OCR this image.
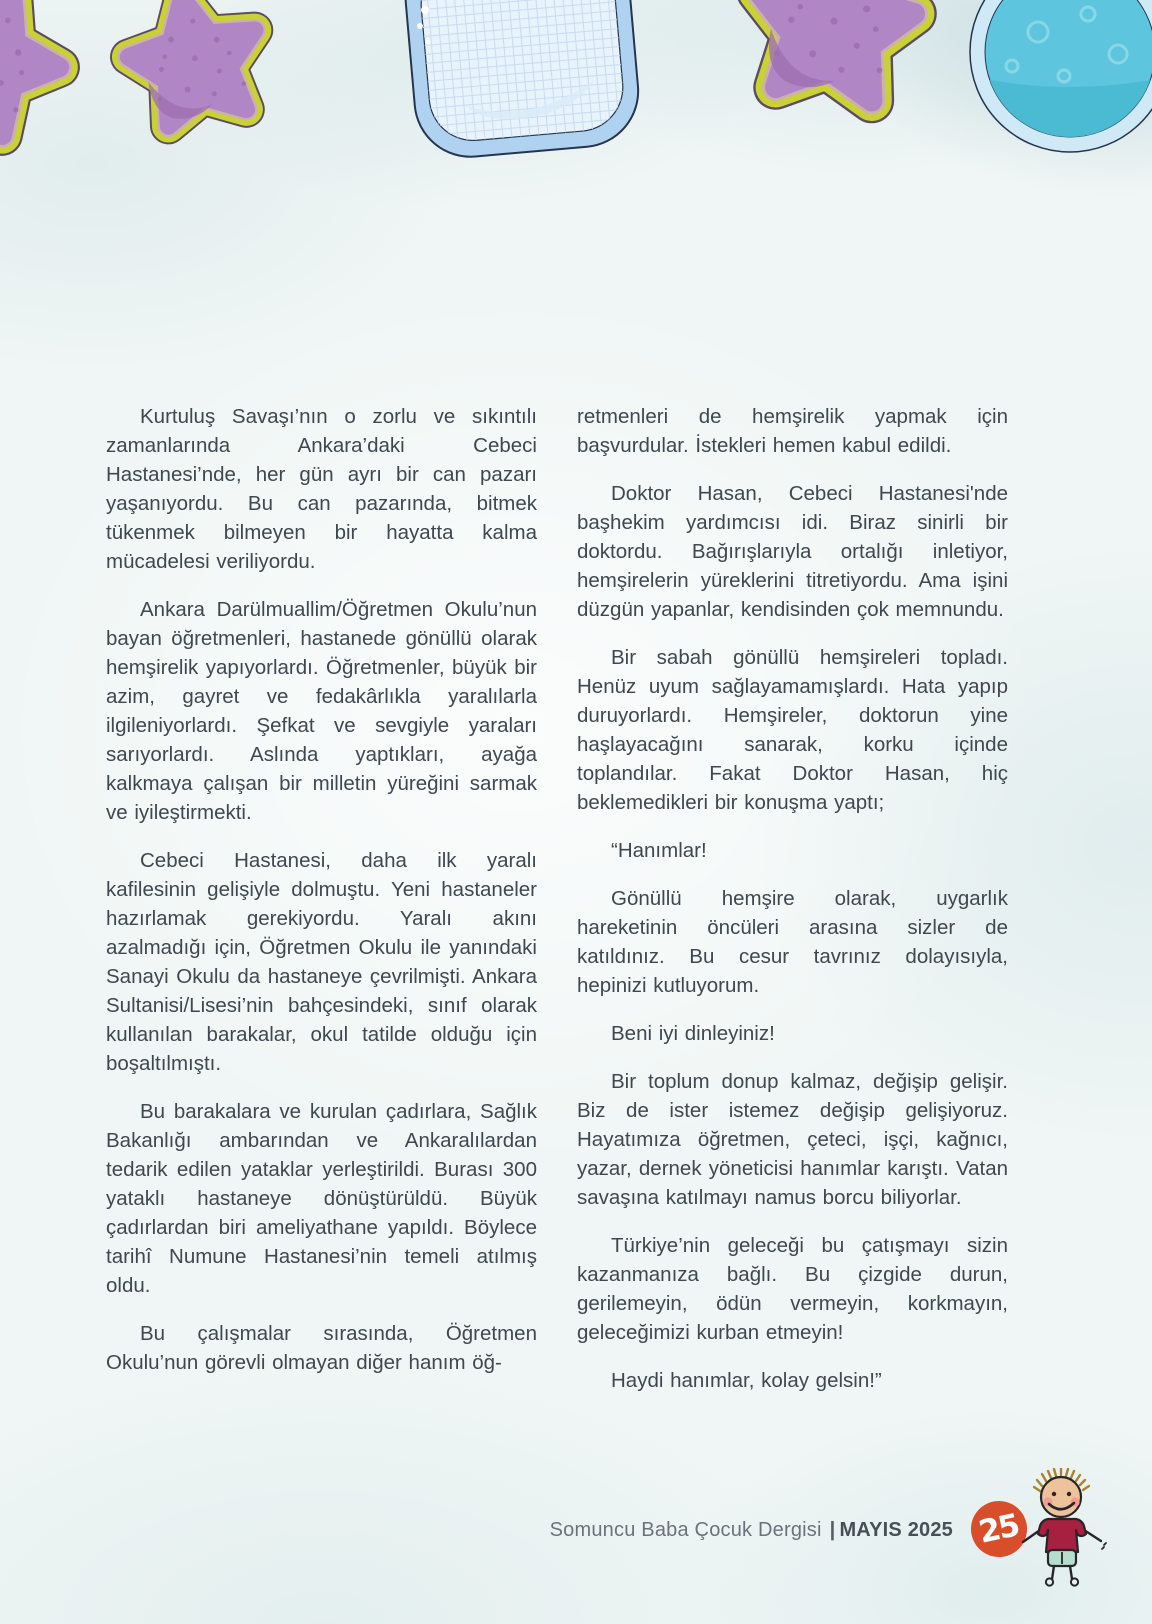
Kurtuluş Savaşı’nın o zorlu ve sıkıntılı zamanlarında Ankara’daki Cebeci Hastanesi’nde, her gün ayrı bir can pazarı yaşanıyordu. Bu can pazarında, bitmek tükenmek bilmeyen bir hayatta kalma mücadelesi veriliyordu.

Ankara Darülmuallim/Öğretmen Okulu’nun bayan öğretmenleri, hastanede gönüllü olarak hemşirelik yapıyorlardı. Öğretmenler, büyük bir azim, gayret ve fedakârlıkla yaralılarla ilgileniyorlardı. Şefkat ve sevgiyle yaraları sarıyorlardı. Aslında yaptıkları, ayağa kalkmaya çalışan bir milletin yüreğini sarmak ve iyileştirmekti.

Cebeci Hastanesi, daha ilk yaralı kafilesinin gelişiyle dolmuştu. Yeni hastaneler hazırlamak gerekiyordu. Yaralı akını azalmadığı için, Öğretmen Okulu ile yanındaki Sanayi Okulu da hastaneye çevrilmişti. Ankara Sultanisi/Lisesi’nin bahçesindeki, sınıf olarak kullanılan barakalar, okul tatilde olduğu için boşaltılmıştı.

Bu barakalara ve kurulan çadırlara, Sağlık Bakanlığı ambarından ve Ankaralılardan tedarik edilen yataklar yerleştirildi. Burası 300 yataklı hastaneye dönüştürüldü. Büyük çadırlardan biri ameliyathane yapıldı. Böylece tarihî Numune Hastanesi’nin temeli atılmış oldu.

Bu çalışmalar sırasında, Öğretmen Okulu’nun görevli olmayan diğer hanım öğ-

retmenleri de hemşirelik yapmak için başvurdular. İstekleri hemen kabul edildi.

Doktor Hasan, Cebeci Hastanesi'nde başhekim yardımcısı idi. Biraz sinirli bir doktordu. Bağırışlarıyla ortalığı inletiyor, hemşirelerin yüreklerini titretiyordu. Ama işini düzgün yapanlar, kendisinden çok memnundu.

Bir sabah gönüllü hemşireleri topladı. Henüz uyum sağlayamamışlardı. Hata yapıp duruyorlardı. Hemşireler, doktorun yine haşlayacağını sanarak, korku içinde toplandılar. Fakat Doktor Hasan, hiç beklemedikleri bir konuşma yaptı;

“Hanımlar!

Gönüllü hemşire olarak, uygarlık hareketinin öncüleri arasına sizler de katıldınız. Bu cesur tavrınız dolayısıyla, hepinizi kutluyorum.

Beni iyi dinleyiniz!

Bir toplum donup kalmaz, değişip gelişir. Biz de ister istemez değişip gelişiyoruz. Hayatımıza öğretmen, çeteci, işçi, kağnıcı, yazar, dernek yöneticisi hanımlar karıştı. Vatan savaşına katılmayı namus borcu biliyorlar.

Türkiye’nin geleceği bu çatışmayı sizin kazanmanıza bağlı. Bu çizgide durun, gerilemeyin, ödün vermeyin, korkmayın, geleceğimizi kurban etmeyin!

Haydi hanımlar, kolay gelsin!”

Somuncu Baba Çocuk Dergisi | MAYIS 2025 25
